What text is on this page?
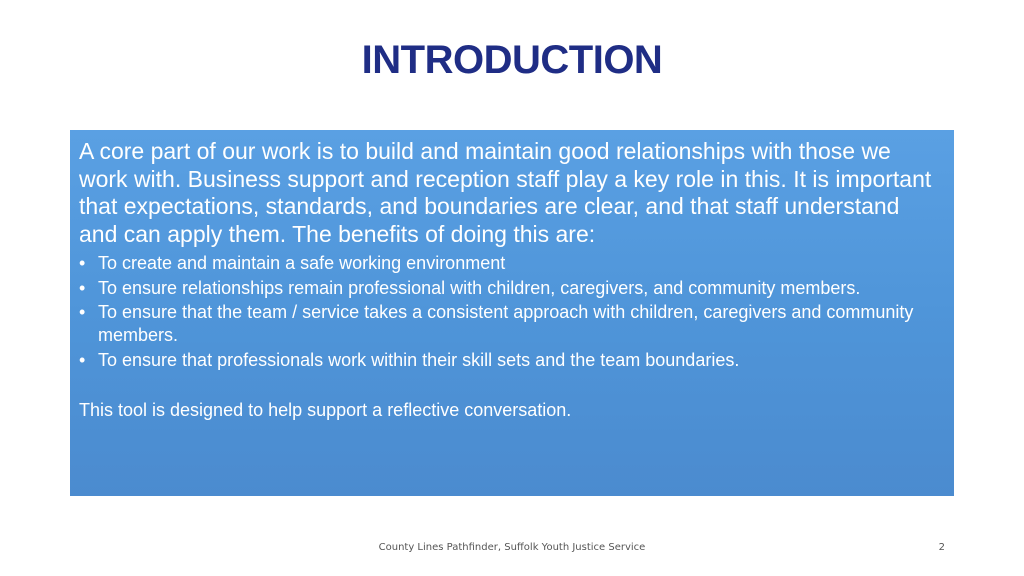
INTRODUCTION

A core part of our work is to build and maintain good relationships with those we work with. Business support and reception staff play a key role in this. It is important that expectations, standards, and boundaries are clear, and that staff understand and can apply them. The benefits of doing this are:

• To create and maintain a safe working environment
• To ensure relationships remain professional with children, caregivers, and community members.
• To ensure that the team / service takes a consistent approach with children, caregivers and community members.
• To ensure that professionals work within their skill sets and the team boundaries.

This tool is designed to help support a reflective conversation.

County Lines Pathfinder, Suffolk Youth Justice Service	2
